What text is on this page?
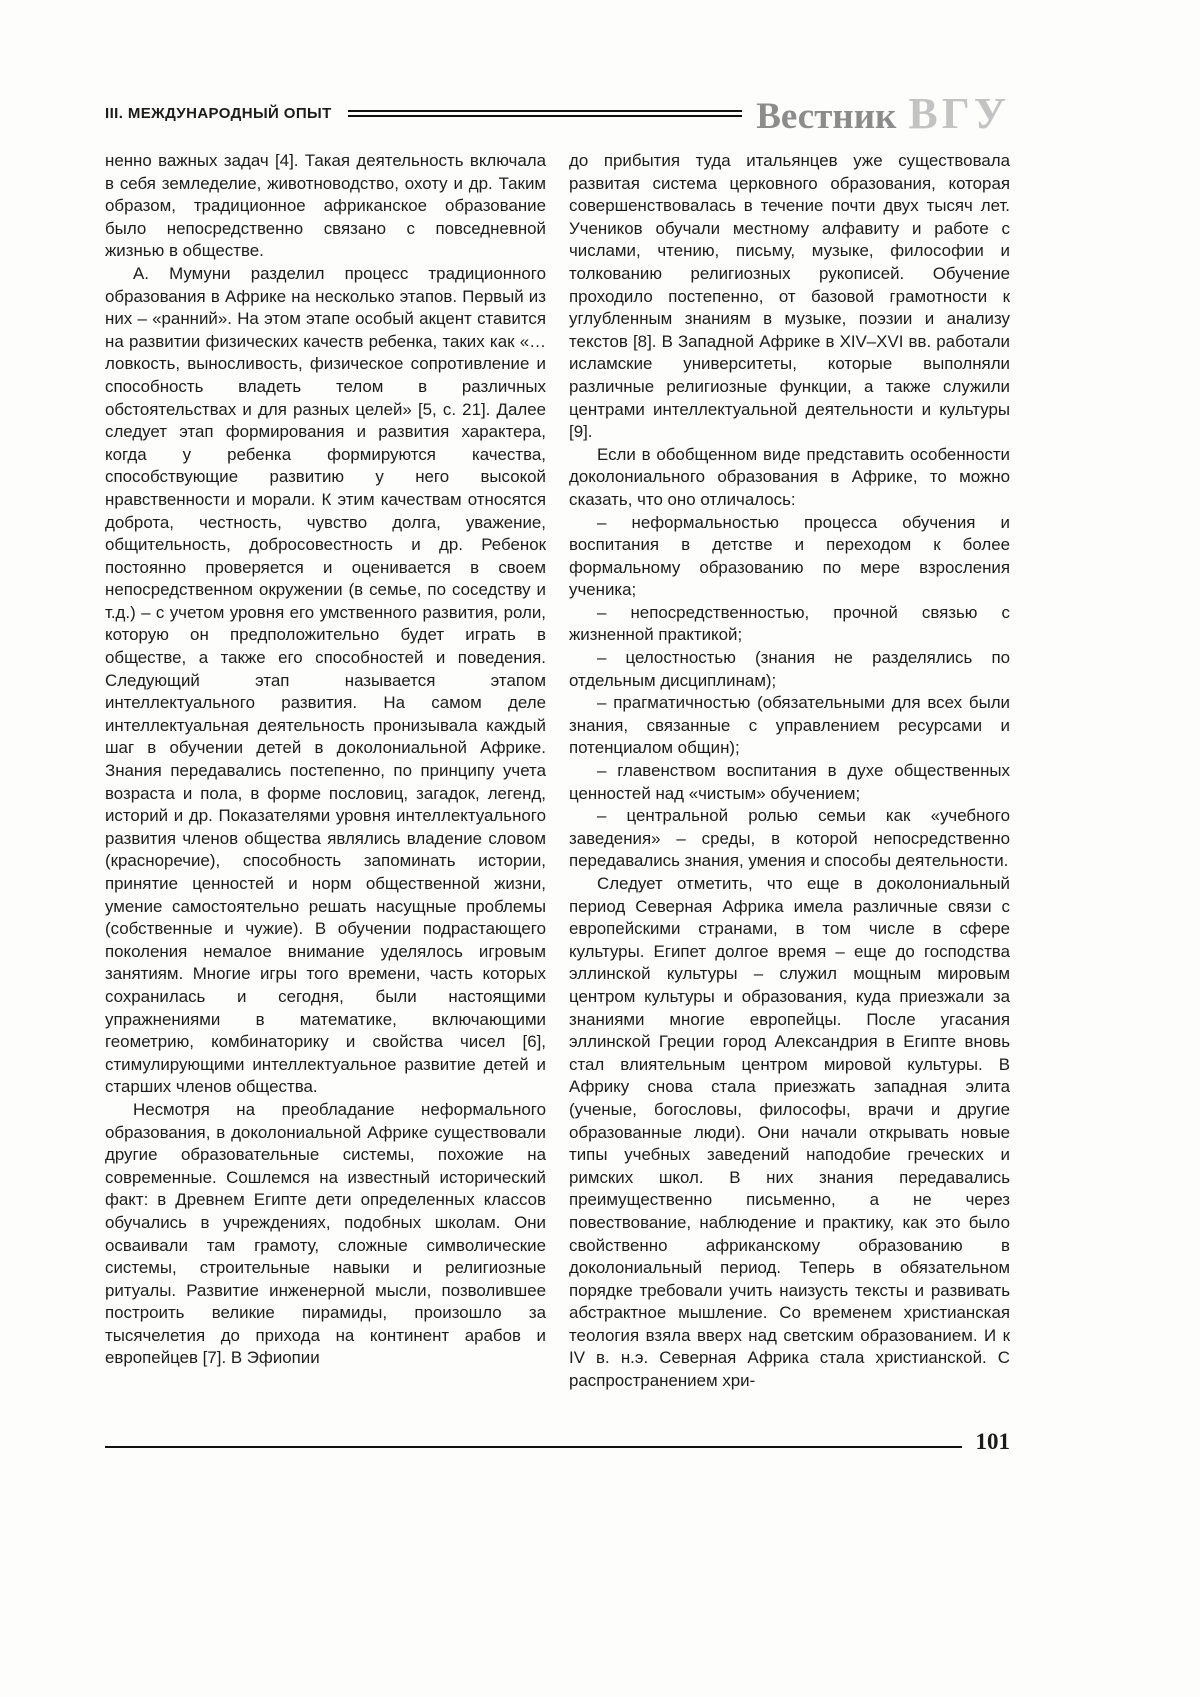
III. МЕЖДУНАРОДНЫЙ ОПЫТ	Вестник ВГУ

ненно важных задач [4]. Такая деятельность включала в себя земледелие, животноводство, охоту и др. Таким образом, традиционное африканское образование было непосредственно связано с повседневной жизнью в обществе.

А. Мумуни разделил процесс традиционного образования в Африке на несколько этапов. Первый из них – «ранний». На этом этапе особый акцент ставится на развитии физических качеств ребенка, таких как «…ловкость, выносливость, физическое сопротивление и способность владеть телом в различных обстоятельствах и для разных целей» [5, с. 21]. Далее следует этап формирования и развития характера, когда у ребенка формируются качества, способствующие развитию у него высокой нравственности и морали. К этим качествам относятся доброта, честность, чувство долга, уважение, общительность, добросовестность и др. Ребенок постоянно проверяется и оценивается в своем непосредственном окружении (в семье, по соседству и т.д.) – с учетом уровня его умственного развития, роли, которую он предположительно будет играть в обществе, а также его способностей и поведения. Следующий этап называется этапом интеллектуального развития. На самом деле интеллектуальная деятельность пронизывала каждый шаг в обучении детей в доколониальной Африке. Знания передавались постепенно, по принципу учета возраста и пола, в форме пословиц, загадок, легенд, историй и др. Показателями уровня интеллектуального развития членов общества являлись владение словом (красноречие), способность запоминать истории, принятие ценностей и норм общественной жизни, умение самостоятельно решать насущные проблемы (собственные и чужие). В обучении подрастающего поколения немалое внимание уделялось игровым занятиям. Многие игры того времени, часть которых сохранилась и сегодня, были настоящими упражнениями в математике, включающими геометрию, комбинаторику и свойства чисел [6], стимулирующими интеллектуальное развитие детей и старших членов общества.

Несмотря на преобладание неформального образования, в доколониальной Африке существовали другие образовательные системы, похожие на современные. Сошлемся на известный исторический факт: в Древнем Египте дети определенных классов обучались в учреждениях, подобных школам. Они осваивали там грамоту, сложные символические системы, строительные навыки и религиозные ритуалы. Развитие инженерной мысли, позволившее построить великие пирамиды, произошло за тысячелетия до прихода на континент арабов и европейцев [7]. В Эфиопии

до прибытия туда итальянцев уже существовала развитая система церковного образования, которая совершенствовалась в течение почти двух тысяч лет. Учеников обучали местному алфавиту и работе с числами, чтению, письму, музыке, философии и толкованию религиозных рукописей. Обучение проходило постепенно, от базовой грамотности к углубленным знаниям в музыке, поэзии и анализу текстов [8]. В Западной Африке в XIV–XVI вв. работали исламские университеты, которые выполняли различные религиозные функции, а также служили центрами интеллектуальной деятельности и культуры [9].

Если в обобщенном виде представить особенности доколониального образования в Африке, то можно сказать, что оно отличалось:

– неформальностью процесса обучения и воспитания в детстве и переходом к более формальному образованию по мере взросления ученика;

– непосредственностью, прочной связью с жизненной практикой;

– целостностью (знания не разделялись по отдельным дисциплинам);

– прагматичностью (обязательными для всех были знания, связанные с управлением ресурсами и потенциалом общин);

– главенством воспитания в духе общественных ценностей над «чистым» обучением;

– центральной ролью семьи как «учебного заведения» – среды, в которой непосредственно передавались знания, умения и способы деятельности.

Следует отметить, что еще в доколониальный период Северная Африка имела различные связи с европейскими странами, в том числе в сфере культуры. Египет долгое время – еще до господства эллинской культуры – служил мощным мировым центром культуры и образования, куда приезжали за знаниями многие европейцы. После угасания эллинской Греции город Александрия в Египте вновь стал влиятельным центром мировой культуры. В Африку снова стала приезжать западная элита (ученые, богословы, философы, врачи и другие образованные люди). Они начали открывать новые типы учебных заведений наподобие греческих и римских школ. В них знания передавались преимущественно письменно, а не через повествование, наблюдение и практику, как это было свойственно африканскому образованию в доколониальный период. Теперь в обязательном порядке требовали учить наизусть тексты и развивать абстрактное мышление. Со временем христианская теология взяла вверх над светским образованием. И к IV в. н.э. Северная Африка стала христианской. С распространением хри-

101
